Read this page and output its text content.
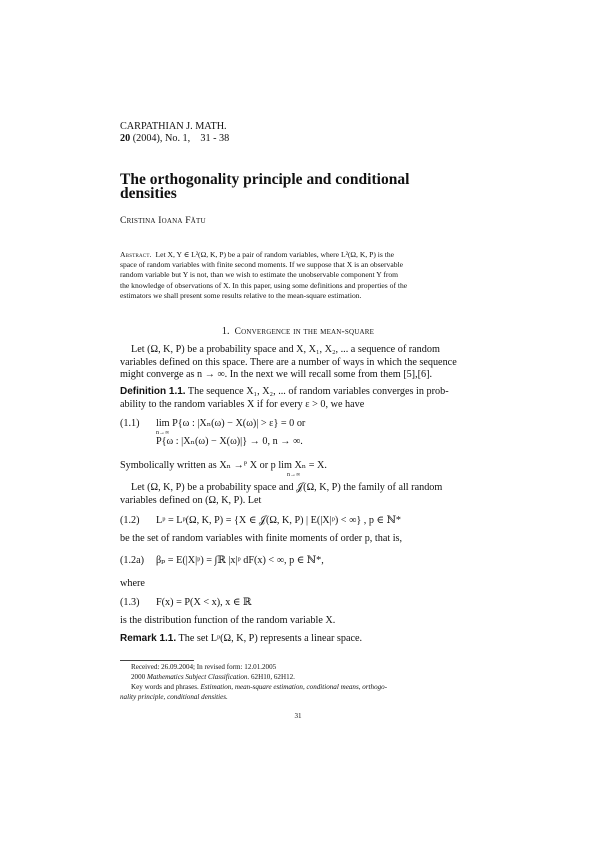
CARPATHIAN J. MATH.
20 (2004), No. 1,    31 - 38
The orthogonality principle and conditional
densities
Cristina Ioana Fătu
Abstract. Let X, Y ∈ L²(Ω, K, P) be a pair of random variables, where L²(Ω, K, P) is the
space of random variables with finite second moments. If we suppose that X is an observable
random variable but Y is not, than we wish to estimate the unobservable component Y from
the knowledge of observations of X. In this paper, using some definitions and properties of the
estimators we shall present some results relative to the mean-square estimation.
1. Convergence in the mean-square
Let (Ω, K, P) be a probability space and X, X₁, X₂, ... a sequence of random
variables defined on this space. There are a number of ways in which the sequence
might converge as n → ∞. In the next we will recall some from them [5],[6].
Definition 1.1. The sequence X₁, X₂, ... of random variables converges in prob-
ability to the random variables X if for every ε > 0, we have
(1.1)	lim P{ω : |Xₙ(ω) − X(ω)| > ε} = 0 or
n→∞
P{ω : |Xₙ(ω) − X(ω)|} → 0, n → ∞.
Symbolically written as Xₙ →ᴾ X or p lim Xₙ = X.
n→∞
Let (Ω, K, P) be a probability space and 𝒥(Ω, K, P) the family of all random
variables defined on (Ω, K, P). Let
(1.2)	Lᵖ = Lᵖ(Ω, K, P) = {X ∈ 𝒥(Ω, K, P) | E(|X|ᵖ) < ∞} , p ∈ ℕ*
be the set of random variables with finite moments of order p, that is,
(1.2a)	βₚ = E(|X|ᵖ) = ∫ℝ |x|ᵖ dF(x) < ∞, p ∈ ℕ*,
where
(1.3)	F(x) = P(X < x), x ∈ ℝ
is the distribution function of the random variable X.
Remark 1.1. The set Lᵖ(Ω, K, P) represents a linear space.
Received: 26.09.2004; In revised form: 12.01.2005
2000 Mathematics Subject Classification. 62H10, 62H12.
Key words and phrases. Estimation, mean-square estimation, conditional means, orthogo-
nality principle, conditional densities.
31
